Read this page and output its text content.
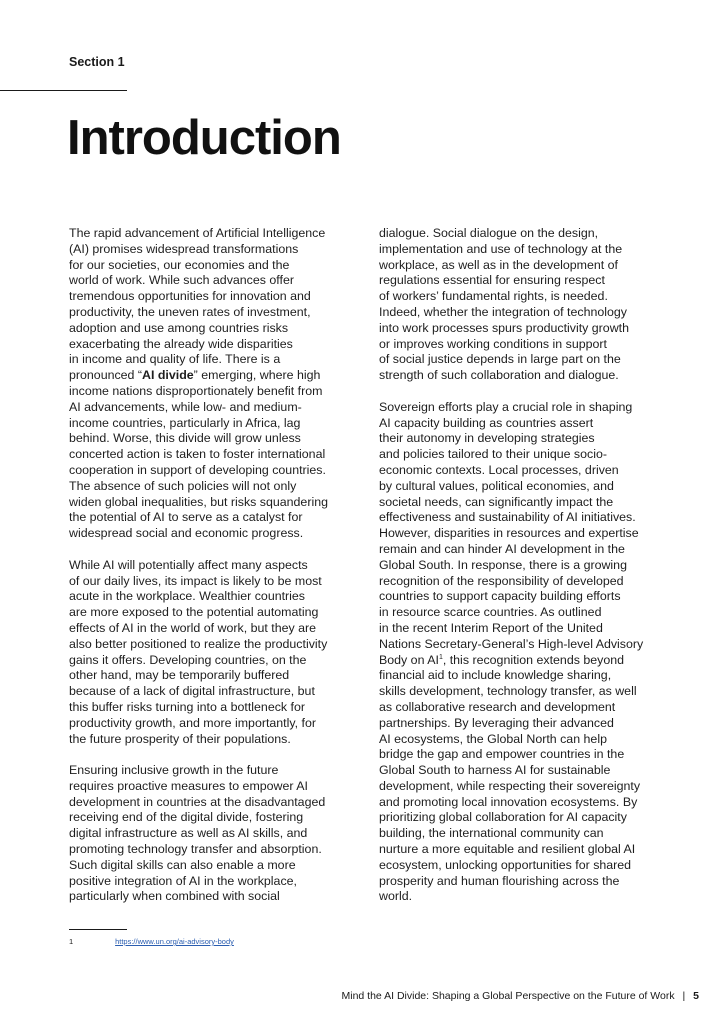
Section 1
Introduction
The rapid advancement of Artificial Intelligence
(AI) promises widespread transformations
for our societies, our economies and the
world of work. While such advances offer
tremendous opportunities for innovation and
productivity, the uneven rates of investment,
adoption and use among countries risks
exacerbating the already wide disparities
in income and quality of life. There is a
pronounced “AI divide” emerging, where high
income nations disproportionately benefit from
AI advancements, while low- and medium-
income countries, particularly in Africa, lag
behind. Worse, this divide will grow unless
concerted action is taken to foster international
cooperation in support of developing countries.
The absence of such policies will not only
widen global inequalities, but risks squandering
the potential of AI to serve as a catalyst for
widespread social and economic progress.
While AI will potentially affect many aspects
of our daily lives, its impact is likely to be most
acute in the workplace. Wealthier countries
are more exposed to the potential automating
effects of AI in the world of work, but they are
also better positioned to realize the productivity
gains it offers. Developing countries, on the
other hand, may be temporarily buffered
because of a lack of digital infrastructure, but
this buffer risks turning into a bottleneck for
productivity growth, and more importantly, for
the future prosperity of their populations.
Ensuring inclusive growth in the future
requires proactive measures to empower AI
development in countries at the disadvantaged
receiving end of the digital divide, fostering
digital infrastructure as well as AI skills, and
promoting technology transfer and absorption.
Such digital skills can also enable a more
positive integration of AI in the workplace,
particularly when combined with social
dialogue. Social dialogue on the design,
implementation and use of technology at the
workplace, as well as in the development of
regulations essential for ensuring respect
of workers’ fundamental rights, is needed.
Indeed, whether the integration of technology
into work processes spurs productivity growth
or improves working conditions in support
of social justice depends in large part on the
strength of such collaboration and dialogue.
Sovereign efforts play a crucial role in shaping
AI capacity building as countries assert
their autonomy in developing strategies
and policies tailored to their unique socio-
economic contexts. Local processes, driven
by cultural values, political economies, and
societal needs, can significantly impact the
effectiveness and sustainability of AI initiatives.
However, disparities in resources and expertise
remain and can hinder AI development in the
Global South. In response, there is a growing
recognition of the responsibility of developed
countries to support capacity building efforts
in resource scarce countries. As outlined
in the recent Interim Report of the United
Nations Secretary-General’s High-level Advisory
Body on $AI^1$, this recognition extends beyond
financial aid to include knowledge sharing,
skills development, technology transfer, as well
as collaborative research and development
partnerships. By leveraging their advanced
AI ecosystems, the Global North can help
bridge the gap and empower countries in the
Global South to harness AI for sustainable
development, while respecting their sovereignty
and promoting local innovation ecosystems. By
prioritizing global collaboration for AI capacity
building, the international community can
nurture a more equitable and resilient global AI
ecosystem, unlocking opportunities for shared
prosperity and human flourishing across the
world.
1	https://www.un.org/ai-advisory-body
Mind the AI Divide: Shaping a Global Perspective on the Future of Work | 5
